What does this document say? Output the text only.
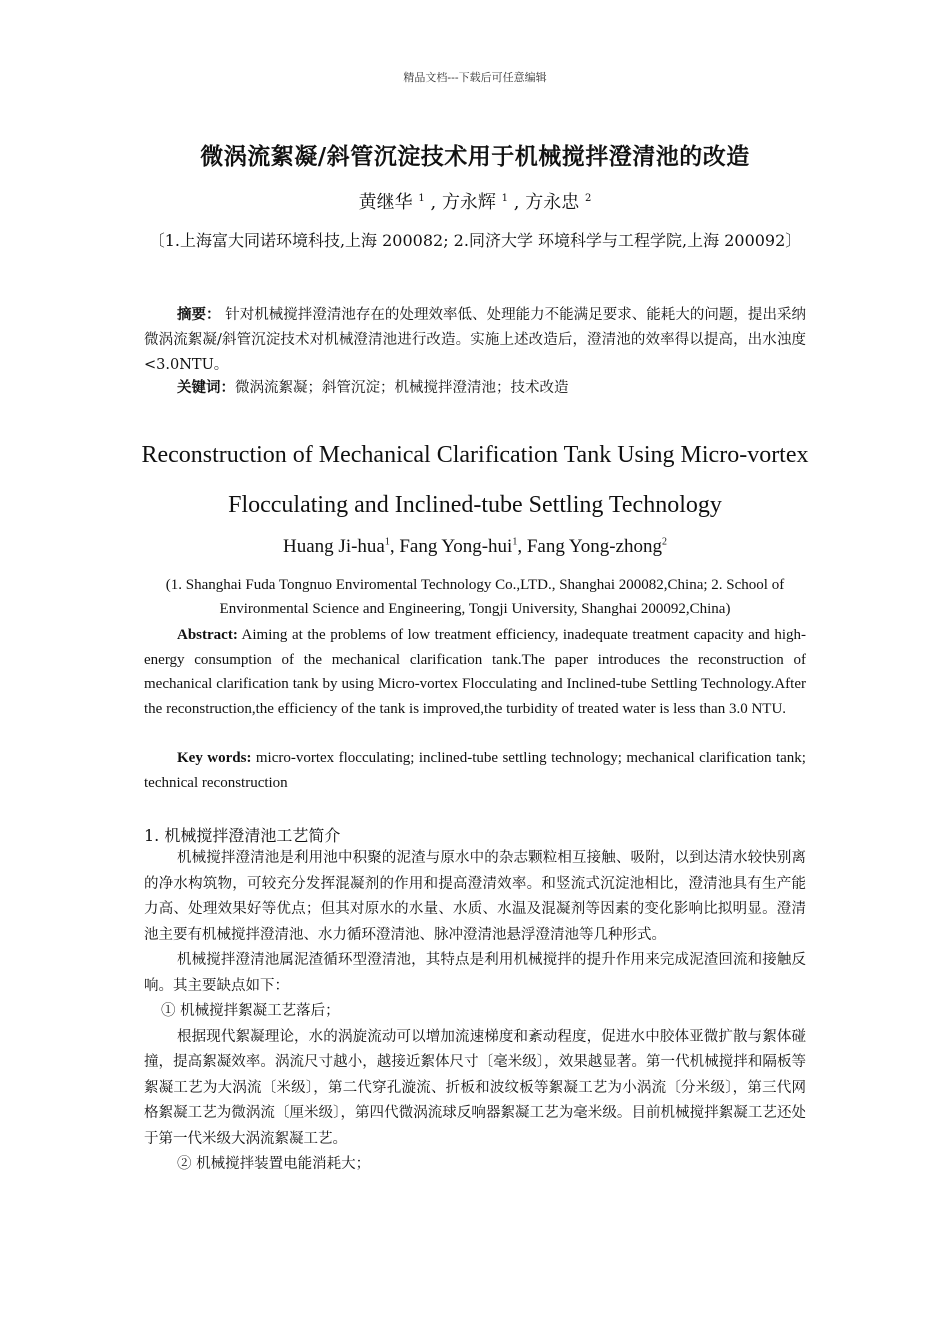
精品文档---下载后可任意编辑
微涡流絮凝/斜管沉淀技术用于机械搅拌澄清池的改造
黄继华 $^1$ , 方永辉 $^1$ , 方永忠 $^2$
〔1.上海富大同诺环境科技,上海 200082; 2.同济大学 环境科学与工程学院,上海 200092〕
摘要： 针对机械搅拌澄清池存在的处理效率低、处理能力不能满足要求、能耗大的问题，提出采纳微涡流絮凝/斜管沉淀技术对机械澄清池进行改造。实施上述改造后，澄清池的效率得以提高，出水浊度<3.0NTU。
关键词：微涡流絮凝；斜管沉淀；机械搅拌澄清池；技术改造
Reconstruction of Mechanical Clarification Tank Using Micro-vortex Flocculating and Inclined-tube Settling Technology
Huang Ji-hua$^1$, Fang Yong-hui$^1$, Fang Yong-zhong$^2$
(1. Shanghai Fuda Tongnuo Enviromental Technology Co.,LTD., Shanghai 200082,China; 2. School of Environmental Science and Engineering, Tongji University, Shanghai 200092,China)
Abstract: Aiming at the problems of low treatment efficiency, inadequate treatment capacity and high-energy consumption of the mechanical clarification tank.The paper introduces the reconstruction of mechanical clarification tank by using Micro-vortex Flocculating and Inclined-tube Settling Technology.After the reconstruction,the efficiency of the tank is improved,the turbidity of treated water is less than 3.0 NTU.
Key words: micro-vortex flocculating; inclined-tube settling technology; mechanical clarification tank; technical reconstruction
1. 机械搅拌澄清池工艺简介

机械搅拌澄清池是利用池中积聚的泥渣与原水中的杂志颗粒相互接触、吸附，以到达清水较快别离的净水构筑物，可较充分发挥混凝剂的作用和提高澄清效率。和竖流式沉淀池相比，澄清池具有生产能力高、处理效果好等优点；但其对原水的水量、水质、水温及混凝剂等因素的变化影响比拟明显。澄清池主要有机械搅拌澄清池、水力循环澄清池、脉冲澄清池悬浮澄清池等几种形式。

机械搅拌澄清池属泥渣循环型澄清池，其特点是利用机械搅拌的提升作用来完成泥渣回流和接触反响。其主要缺点如下：

① 机械搅拌絮凝工艺落后；

根据现代絮凝理论，水的涡旋流动可以增加流速梯度和紊动程度，促进水中胶体亚微扩散与絮体碰撞，提高絮凝效率。涡流尺寸越小，越接近絮体尺寸〔毫米级〕，效果越显著。第一代机械搅拌和隔板等絮凝工艺为大涡流〔米级〕，第二代穿孔漩流、折板和波纹板等絮凝工艺为小涡流〔分米级〕，第三代网格絮凝工艺为微涡流〔厘米级〕，第四代微涡流球反响器絮凝工艺为毫米级。目前机械搅拌絮凝工艺还处于第一代米级大涡流絮凝工艺。

② 机械搅拌装置电能消耗大；
